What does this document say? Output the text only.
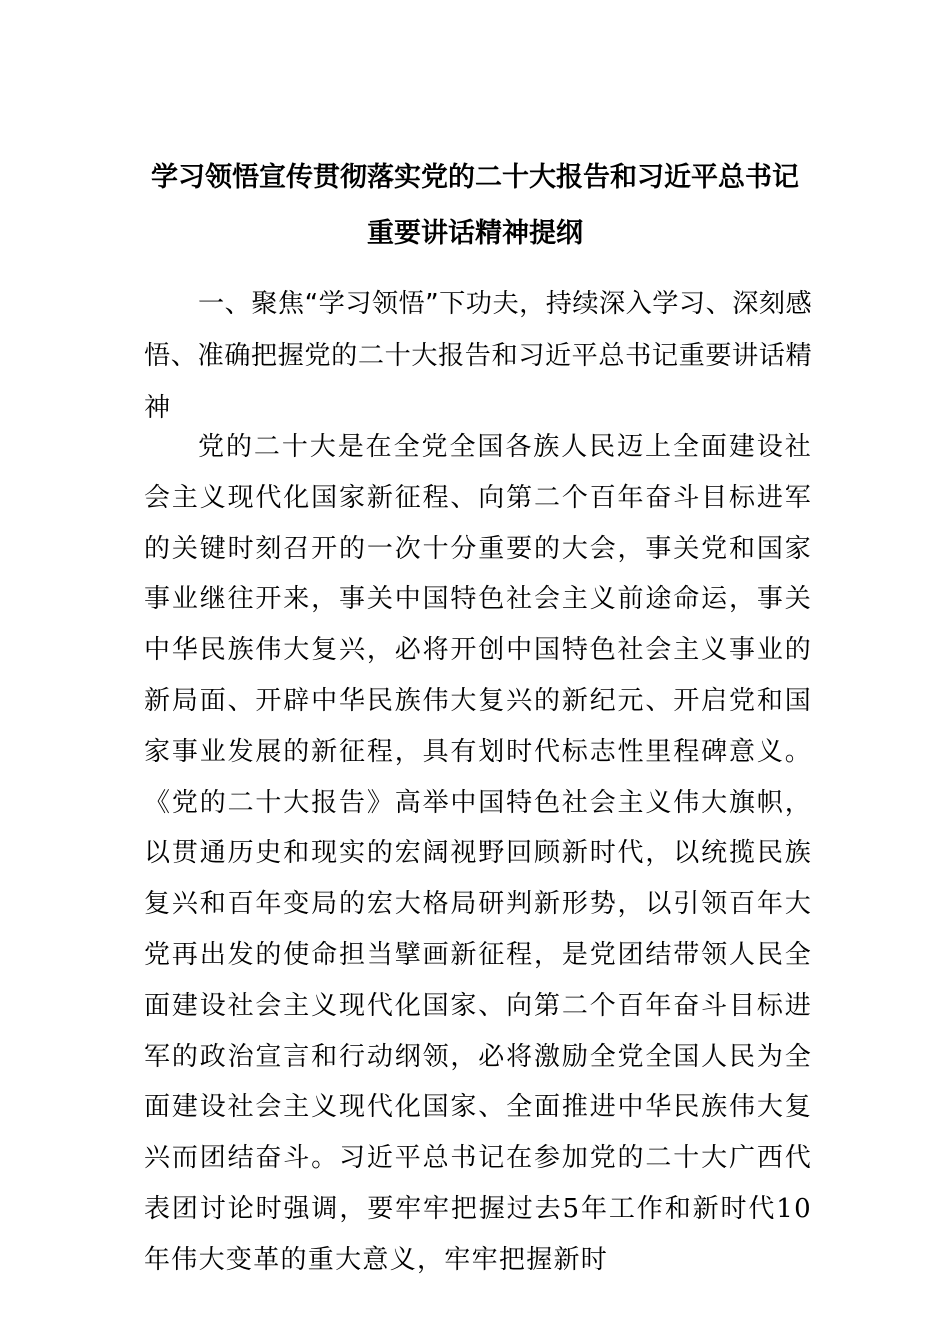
学习领悟宣传贯彻落实党的二十大报告和习近平总书记重要讲话精神提纲
一、聚焦“学习领悟”下功夫，持续深入学习、深刻感悟、准确把握党的二十大报告和习近平总书记重要讲话精神

党的二十大是在全党全国各族人民迈上全面建设社会主义现代化国家新征程、向第二个百年奋斗目标进军的关键时刻召开的一次十分重要的大会，事关党和国家事业继往开来，事关中国特色社会主义前途命运，事关中华民族伟大复兴，必将开创中国特色社会主义事业的新局面、开辟中华民族伟大复兴的新纪元、开启党和国家事业发展的新征程，具有划时代标志性里程碑意义。《党的二十大报告》高举中国特色社会主义伟大旗帜，以贯通历史和现实的宏阔视野回顾新时代，以统揽民族复兴和百年变局的宏大格局研判新形势，以引领百年大党再出发的使命担当擘画新征程，是党团结带领人民全面建设社会主义现代化国家、向第二个百年奋斗目标进军的政治宣言和行动纲领，必将激励全党全国人民为全面建设社会主义现代化国家、全面推进中华民族伟大复兴而团结奋斗。习近平总书记在参加党的二十大广西代表团讨论时强调，要牢牢把握过去5年工作和新时代10年伟大变革的重大意义，牢牢把握新时
